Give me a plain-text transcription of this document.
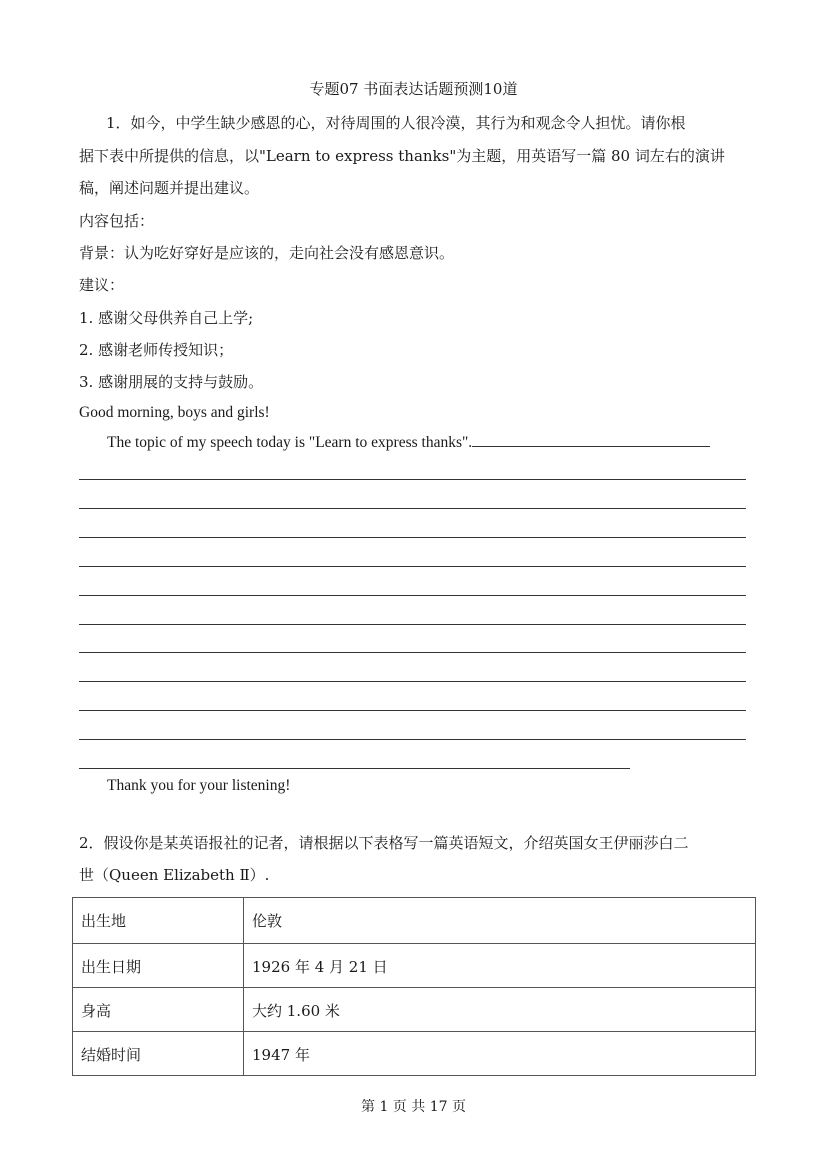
专题07 书面表达话题预测10道
1．如今，中学生缺少感恩的心，对待周围的人很冷漠，其行为和观念令人担忧。请你根
据下表中所提供的信息，以"Learn to express thanks"为主题，用英语写一篇 80 词左右的演讲
稿，阐述问题并提出建议。
内容包括：
背景：认为吃好穿好是应该的，走向社会没有感恩意识。
建议：
1. 感谢父母供养自己上学;
2. 感谢老师传授知识；
3. 感谢朋展的支持与鼓励。
Good morning, boys and girls!
The topic of my speech today is "Learn to express thanks".
Thank you for your listening!
2．假设你是某英语报社的记者，请根据以下表格写一篇英语短文，介绍英国女王伊丽莎白二
世（Queen Elizabeth Ⅱ）.
出生地	伦敦
出生日期	1926 年 4 月 21 日
身高	大约 1.60 米
结婚时间	1947 年
第 1 页 共 17 页
